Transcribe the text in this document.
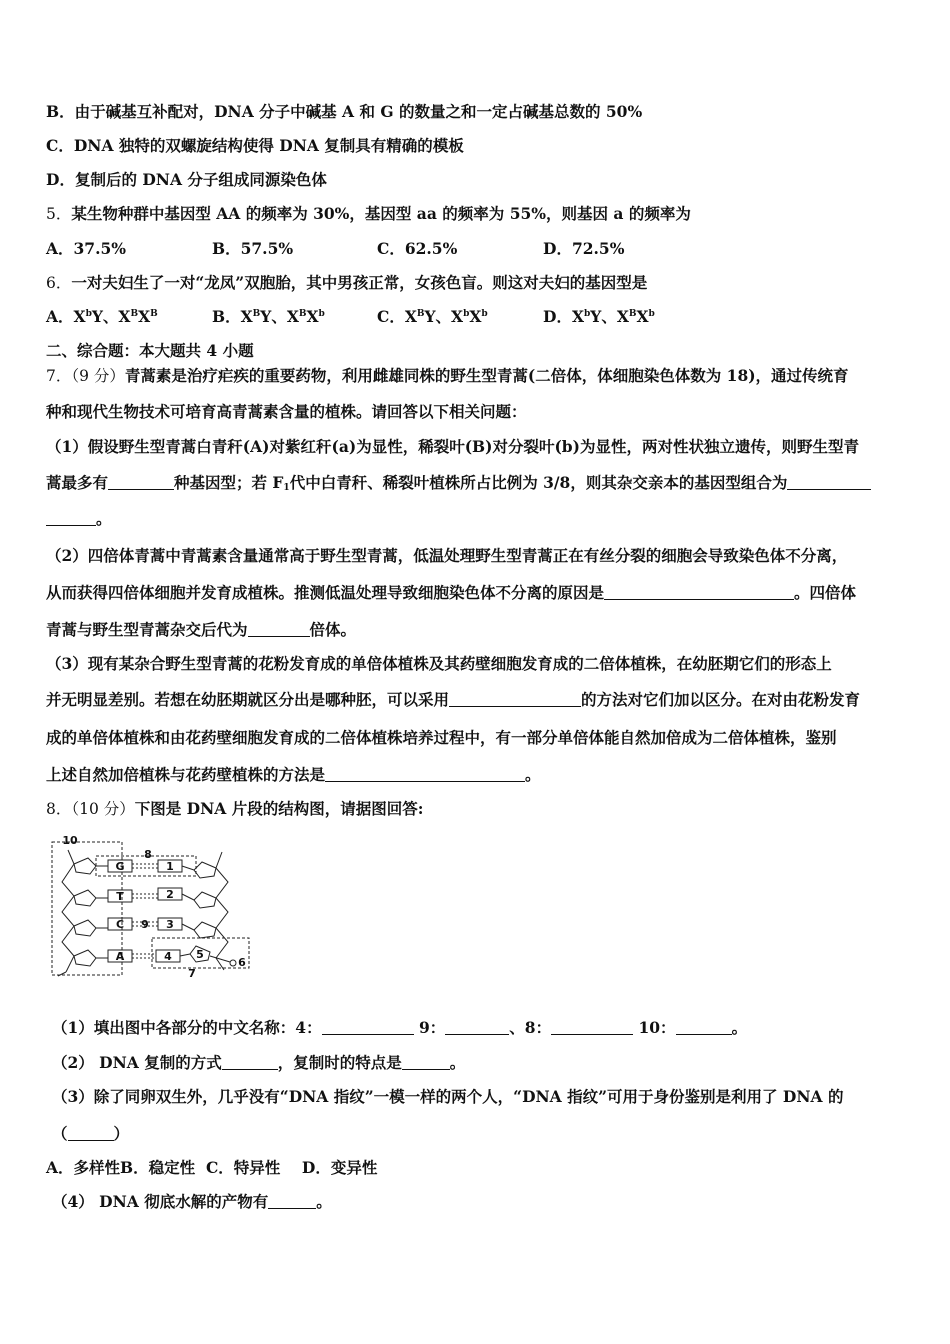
B．由于碱基互补配对，DNA 分子中碱基 A 和 G 的数量之和一定占碱基总数的 50%
C．DNA 独特的双螺旋结构使得 DNA 复制具有精确的模板
D．复制后的 DNA 分子组成同源染色体
5．某生物种群中基因型 AA 的频率为 30%，基因型 aa 的频率为 55%，则基因 a 的频率为
A．37.5%	B．57.5%	C．62.5%	D．72.5%
6．一对夫妇生了一对“龙凤”双胞胎，其中男孩正常，女孩色盲。则这对夫妇的基因型是
A．$X^bY$、$X^BX^B$	B．$X^BY$、$X^BX^b$	C．$X^BY$、$X^bX^b$	D．$X^bY$、$X^BX^b$
二、综合题：本大题共 4 小题
7．（9 分）青蒿素是治疗疟疾的重要药物，利用雌雄同株的野生型青蒿(二倍体，体细胞染色体数为 18)，通过传统育
种和现代生物技术可培育高青蒿素含量的植株。请回答以下相关问题：
（1）假设野生型青蒿白青秆(A)对紫红秆(a)为显性，稀裂叶(B)对分裂叶(b)为显性，两对性状独立遗传，则野生型青
蒿最多有	种基因型；若 $F_1$代中白青秆、稀裂叶植株所占比例为 3/8，则其杂交亲本的基因型组合为
。
（2）四倍体青蒿中青蒿素含量通常高于野生型青蒿，低温处理野生型青蒿正在有丝分裂的细胞会导致染色体不分离，
从而获得四倍体细胞并发育成植株。推测低温处理导致细胞染色体不分离的原因是	。四倍体
青蒿与野生型青蒿杂交后代为	倍体。
（3）现有某杂合野生型青蒿的花粉发育成的单倍体植株及其药壁细胞发育成的二倍体植株，在幼胚期它们的形态上
并无明显差别。若想在幼胚期就区分出是哪种胚，可以采用	的方法对它们加以区分。在对由花粉发育
成的单倍体植株和由花药壁细胞发育成的二倍体植株培养过程中，有一部分单倍体能自然加倍成为二倍体植株，鉴别
上述自然加倍植株与花药壁植株的方法是	。
8．（10 分）下图是 DNA 片段的结构图，请据图回答:
G
T
C
A
1
2
3
4
10
8
9
5
6
7
（1）填出图中各部分的中文名称：4：	9：	、8：	10：	。
（2） DNA 复制的方式	，复制时的特点是	。
（3）除了同卵双生外，几乎没有“DNA 指纹”一模一样的两个人，“DNA 指纹”可用于身份鉴别是利用了 DNA 的
（	）
A．多样性B．稳定性 C．特异性 D．变异性
（4） DNA 彻底水解的产物有	。
